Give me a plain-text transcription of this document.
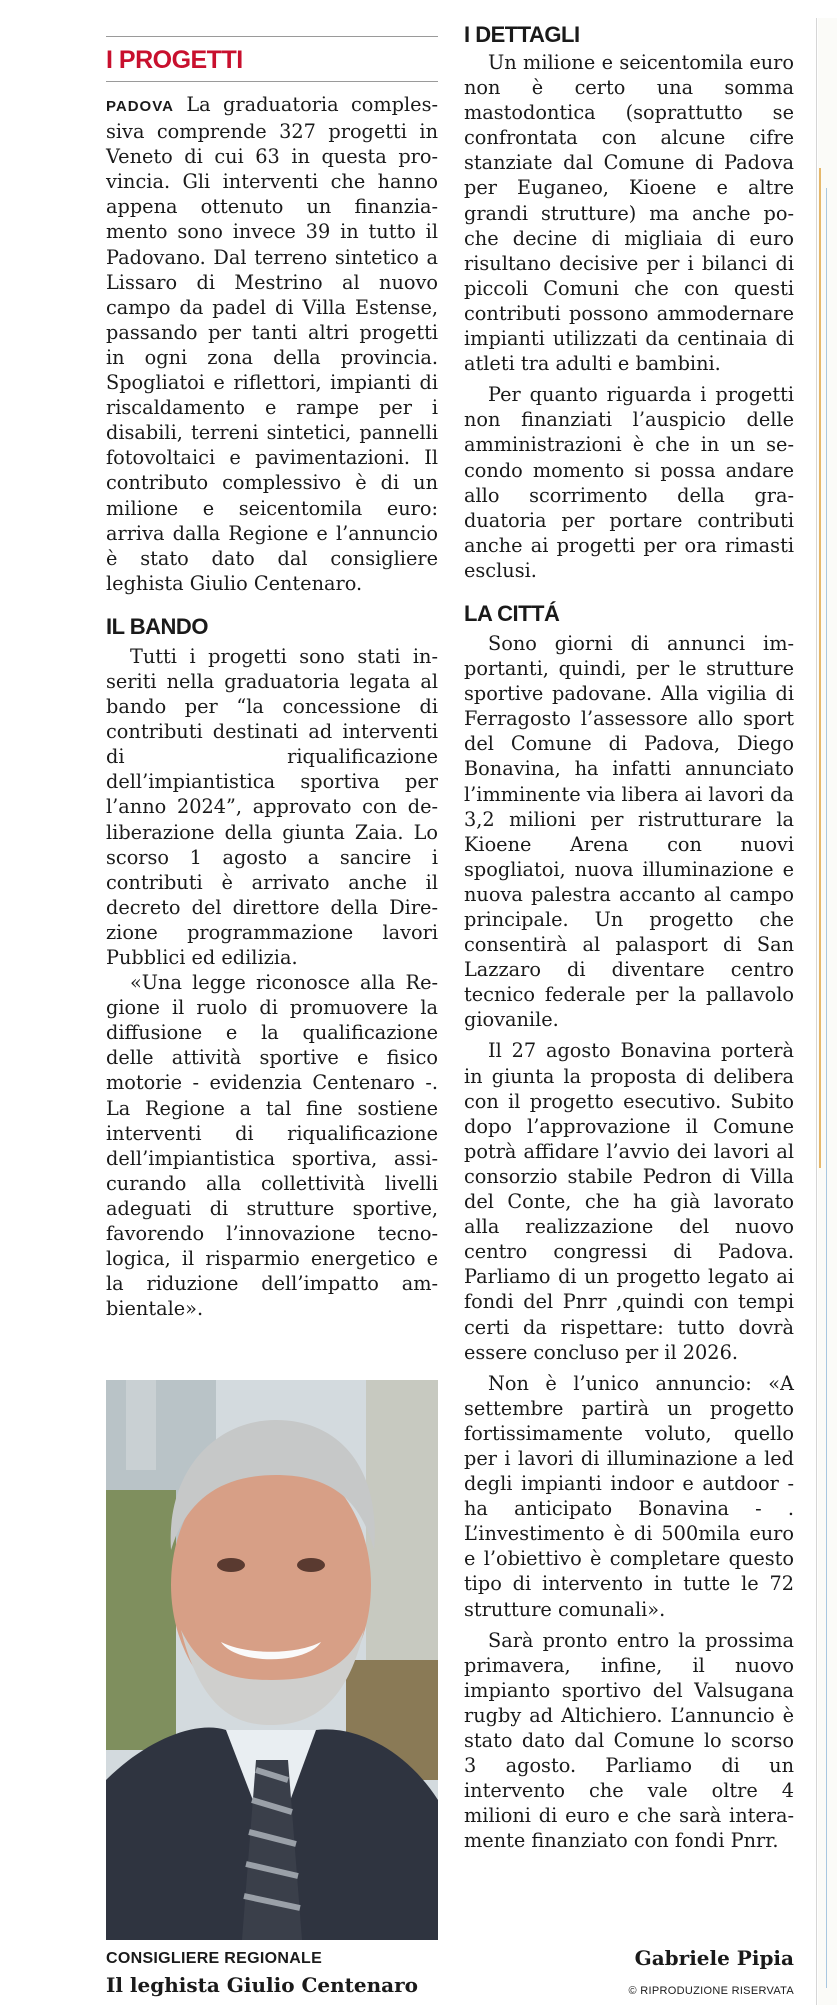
I PROGETTI

PADOVA La graduatoria complessiva comprende 327 progetti in Veneto di cui 63 in questa provincia. Gli interventi che hanno appena ottenuto un finanziamento sono invece 39 in tutto il Padovano. Dal terreno sintetico a Lissaro di Mestrino al nuovo campo da padel di Villa Estense, passando per tanti altri progetti in ogni zona della provincia. Spogliatoi e riflettori, impianti di riscaldamento e rampe per i disabili, terreni sintetici, pannelli fotovoltaici e pavimentazioni. Il contributo complessivo è di un milione e seicentomila euro: arriva dalla Regione e l’annuncio è stato dato dal consigliere leghista Giulio Centenaro.

IL BANDO

Tutti i progetti sono stati inseriti nella graduatoria legata al bando per “la concessione di contributi destinati ad interventi di riqualificazione dell’impiantistica sportiva per l’anno 2024”, approvato con deliberazione della giunta Zaia. Lo scorso 1 agosto a sancire i contributi è arrivato anche il decreto del direttore della Direzione programmazione lavori Pubblici ed edilizia.

«Una legge riconosce alla Regione il ruolo di promuovere la diffusione e la qualificazione delle attività sportive e fisico motorie - evidenzia Centenaro -. La Regione a tal fine sostiene interventi di riqualificazione dell’impiantistica sportiva, assicurando alla collettività livelli adeguati di strutture sportive, favorendo l’innovazione tecnologica, il risparmio energetico e la riduzione dell’impatto ambientale».

CONSIGLIERE REGIONALE
Il leghista Giulio Centenaro
I DETTAGLI

Un milione e seicentomila euro non è certo una somma mastodontica (soprattutto se confrontata con alcune cifre stanziate dal Comune di Padova per Euganeo, Kioene e altre grandi strutture) ma anche poche decine di migliaia di euro risultano decisive per i bilanci di piccoli Comuni che con questi contributi possono ammodernare impianti utilizzati da centinaia di atleti tra adulti e bambini.

Per quanto riguarda i progetti non finanziati l’auspicio delle amministrazioni è che in un secondo momento si possa andare allo scorrimento della graduatoria per portare contributi anche ai progetti per ora rimasti esclusi.

LA CITTÁ

Sono giorni di annunci importanti, quindi, per le strutture sportive padovane. Alla vigilia di Ferragosto l’assessore allo sport del Comune di Padova, Diego Bonavina, ha infatti annunciato l’imminente via libera ai lavori da 3,2 milioni per ristrutturare la Kioene Arena con nuovi spogliatoi, nuova illuminazione e nuova palestra accanto al campo principale. Un progetto che consentirà al palasport di San Lazzaro di diventare centro tecnico federale per la pallavolo giovanile.

Il 27 agosto Bonavina porterà in giunta la proposta di delibera con il progetto esecutivo. Subito dopo l’approvazione il Comune potrà affidare l’avvio dei lavori al consorzio stabile Pedron di Villa del Conte, che ha già lavorato alla realizzazione del nuovo centro congressi di Padova. Parliamo di un progetto legato ai fondi del Pnrr ,quindi con tempi certi da rispettare: tutto dovrà essere concluso per il 2026.

Non è l’unico annuncio: «A settembre partirà un progetto fortissimamente voluto, quello per i lavori di illuminazione a led degli impianti indoor e autdoor - ha anticipato Bonavina - . L’investimento è di 500mila euro e l’obiettivo è completare questo tipo di intervento in tutte le 72 strutture comunali».

Sarà pronto entro la prossima primavera, infine, il nuovo impianto sportivo del Valsugana rugby ad Altichiero. L’annuncio è stato dato dal Comune lo scorso 3 agosto. Parliamo di un intervento che vale oltre 4 milioni di euro e che sarà interamente finanziato con fondi Pnrr.

Gabriele Pipia
© RIPRODUZIONE RISERVATA
